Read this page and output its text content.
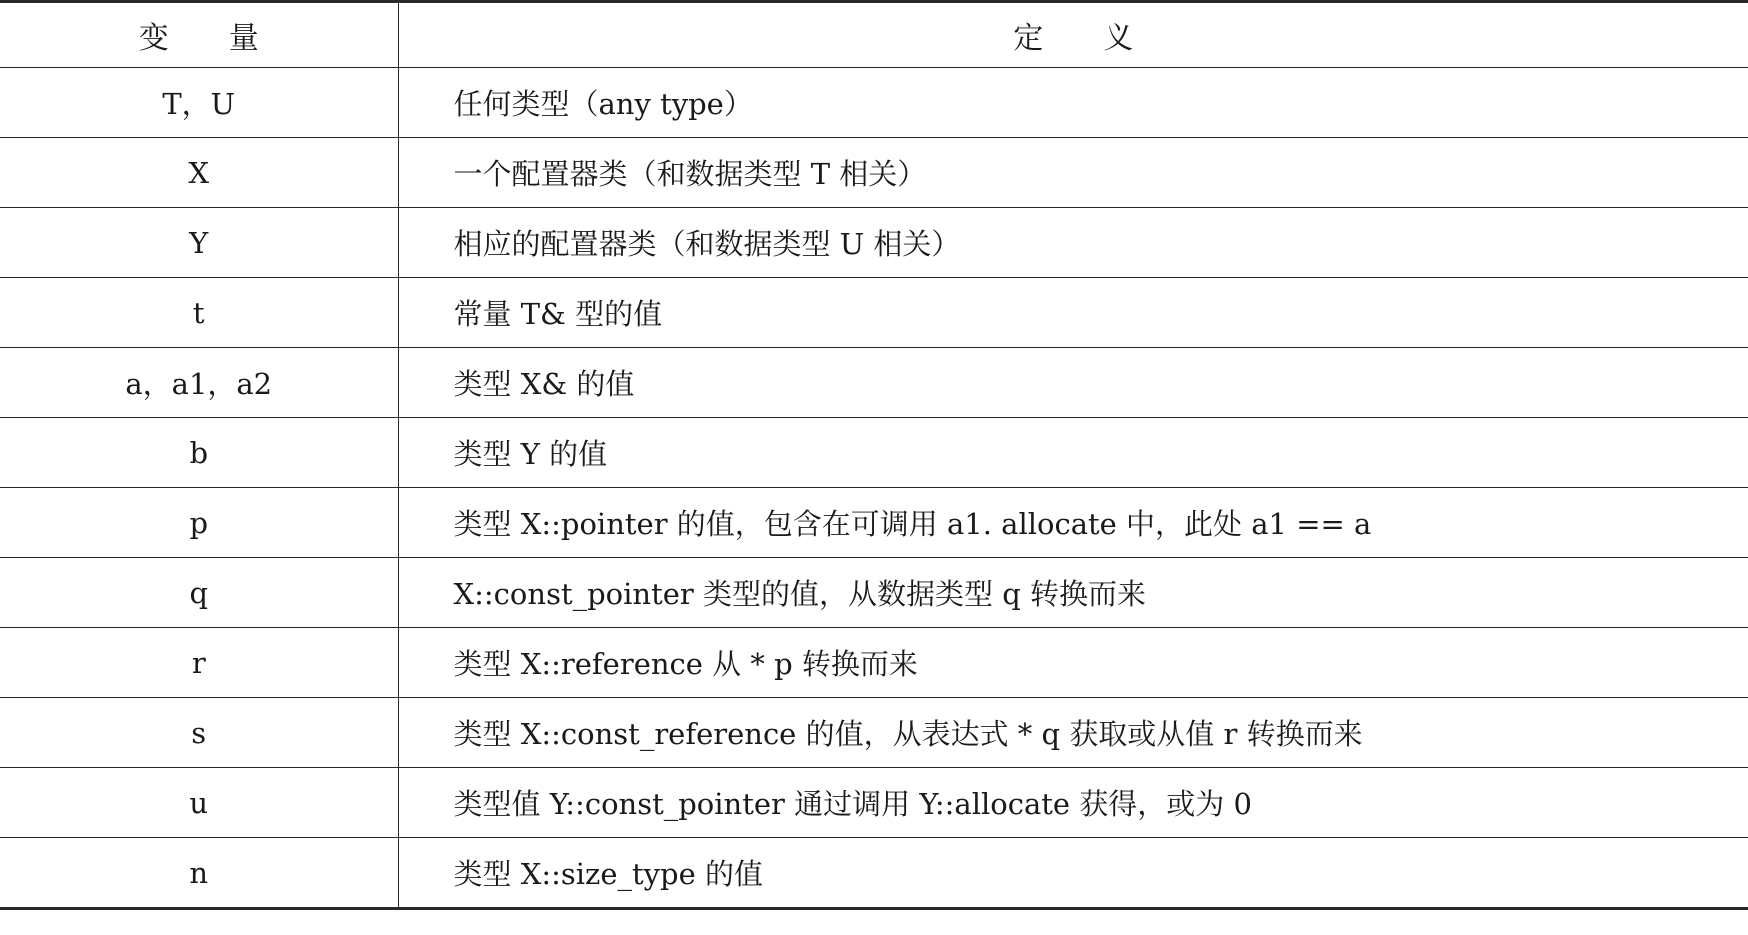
变　　量	定　　义
T，U	任何类型（any type）
X	一个配置器类（和数据类型 T 相关）
Y	相应的配置器类（和数据类型 U 相关）
t	常量 T& 型的值
a，a1，a2	类型 X& 的值
b	类型 Y 的值
p	类型 X::pointer 的值，包含在可调用 a1. allocate 中，此处 a1 == a
q	X::const_pointer 类型的值，从数据类型 q 转换而来
r	类型 X::reference 从 * p 转换而来
s	类型 X::const_reference 的值，从表达式 * q 获取或从值 r 转换而来
u	类型值 Y::const_pointer 通过调用 Y::allocate 获得，或为 0
n	类型 X::size_type 的值
